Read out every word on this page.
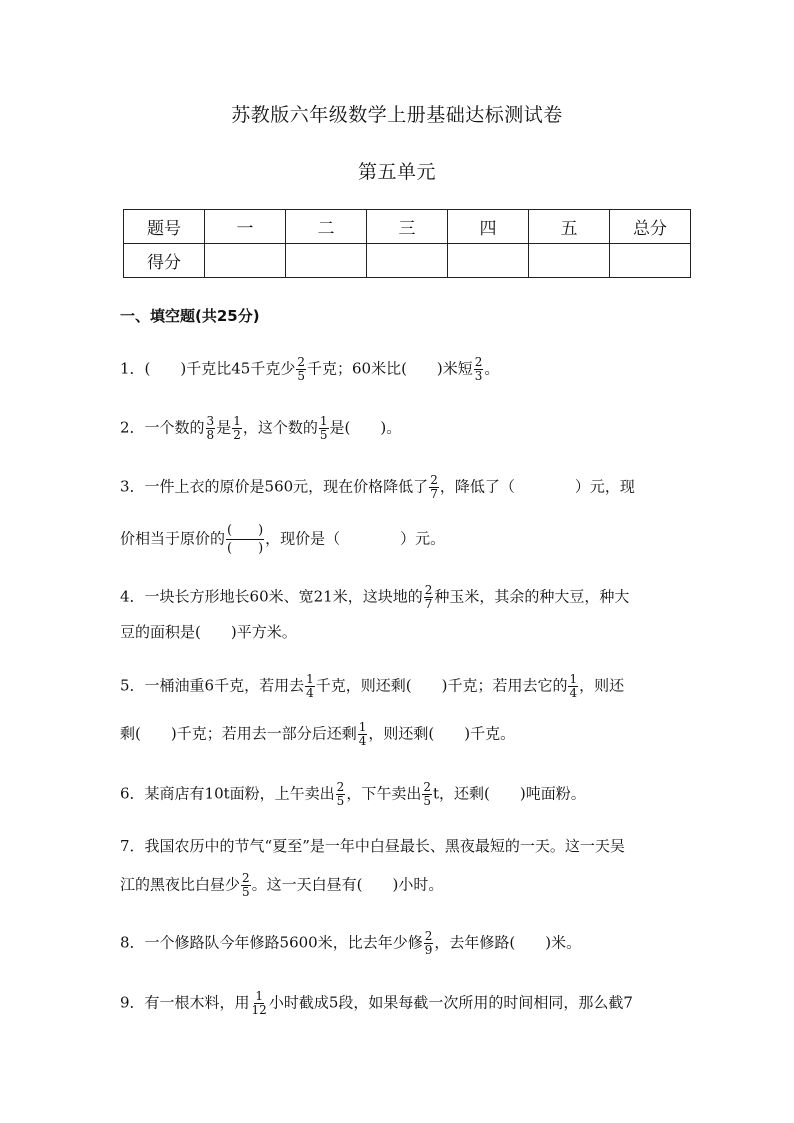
苏教版六年级数学上册基础达标测试卷
第五单元
题号	一	二	三	四	五	总分
得分						
一、填空题(共25分)
1．(　　)千克比45千克少 $\frac{2}{5}$ 千克；60米比(　　)米短 $\frac{2}{3}$ 。
2．一个数的 $\frac{3}{8}$ 是 $\frac{1}{2}$ ，这个数的 $\frac{1}{5}$ 是(　　)。
3．一件上衣的原价是560元，现在价格降低了 $\frac{2}{7}$ ，降低了（　　　　）元，现
价相当于原价的 $\frac{( )}{( )}$ ，现价是（　　　　）元。
4．一块长方形地长60米、宽21米，这块地的 $\frac{2}{7}$ 种玉米，其余的种大豆，种大
豆的面积是(　　)平方米。
5．一桶油重6千克，若用去 $\frac{1}{4}$ 千克，则还剩(　　)千克；若用去它的 $\frac{1}{4}$ ，则还
剩(　　)千克；若用去一部分后还剩 $\frac{1}{4}$ ，则还剩(　　)千克。
6．某商店有10t面粉，上午卖出 $\frac{2}{5}$ ，下午卖出 $\frac{2}{5}$ t，还剩(　　)吨面粉。
7．我国农历中的节气“夏至”是一年中白昼最长、黑夜最短的一天。这一天吴
江的黑夜比白昼少 $\frac{2}{5}$ 。这一天白昼有(　　)小时。
8．一个修路队今年修路5600米，比去年少修 $\frac{2}{9}$ ，去年修路(　　)米。
9．有一根木料，用 $\frac{1}{12}$ 小时截成5段，如果每截一次所用的时间相同，那么截7
